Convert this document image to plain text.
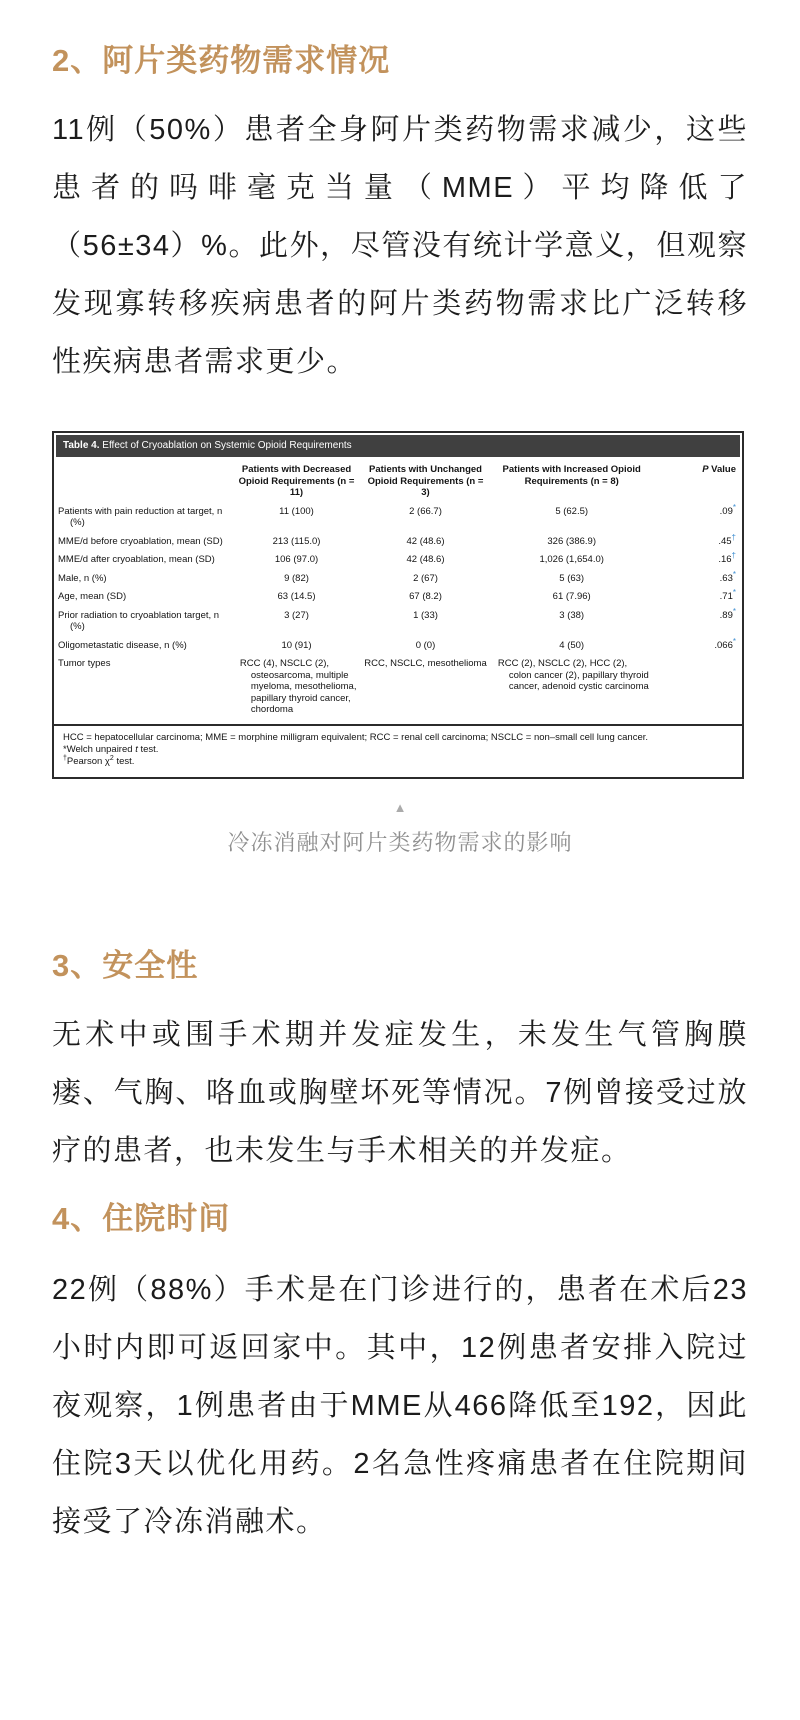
2、阿片类药物需求情况

11例（50%）患者全身阿片类药物需求减少，这些患者的吗啡毫克当量（MME）平均降低了（56±34）%。此外，尽管没有统计学意义，但观察发现寡转移疾病患者的阿片类药物需求比广泛转移性疾病患者需求更少。

Table 4. Effect of Cryoablation on Systemic Opioid Requirements
	Patients with Decreased Opioid Requirements (n = 11)	Patients with Unchanged Opioid Requirements (n = 3)	Patients with Increased Opioid Requirements (n = 8)	P Value
Patients with pain reduction at target, n (%)	11 (100)	2 (66.7)	5 (62.5)	.09*
MME/d before cryoablation, mean (SD)	213 (115.0)	42 (48.6)	326 (386.9)	.45†
MME/d after cryoablation, mean (SD)	106 (97.0)	42 (48.6)	1,026 (1,654.0)	.16†
Male, n (%)	9 (82)	2 (67)	5 (63)	.63*
Age, mean (SD)	63 (14.5)	67 (8.2)	61 (7.96)	.71*
Prior radiation to cryoablation target, n (%)	3 (27)	1 (33)	3 (38)	.89*
Oligometastatic disease, n (%)	10 (91)	0 (0)	4 (50)	.066*
Tumor types	RCC (4), NSCLC (2), osteosarcoma, multiple myeloma, mesothelioma, papillary thyroid cancer, chordoma	RCC, NSCLC, mesothelioma	RCC (2), NSCLC (2), HCC (2), colon cancer (2), papillary thyroid cancer, adenoid cystic carcinoma	
HCC = hepatocellular carcinoma; MME = morphine milligram equivalent; RCC = renal cell carcinoma; NSCLC = non–small cell lung cancer.
*Welch unpaired t test.
†Pearson $\chi^2$ test.
▲
冷冻消融对阿片类药物需求的影响
3、安全性

无术中或围手术期并发症发生，未发生气管胸膜瘘、气胸、咯血或胸壁坏死等情况。7例曾接受过放疗的患者，也未发生与手术相关的并发症。

4、住院时间

22例（88%）手术是在门诊进行的，患者在术后23小时内即可返回家中。其中，12例患者安排入院过夜观察，1例患者由于MME从466降低至192，因此住院3天以优化用药。2名急性疼痛患者在住院期间接受了冷冻消融术。
